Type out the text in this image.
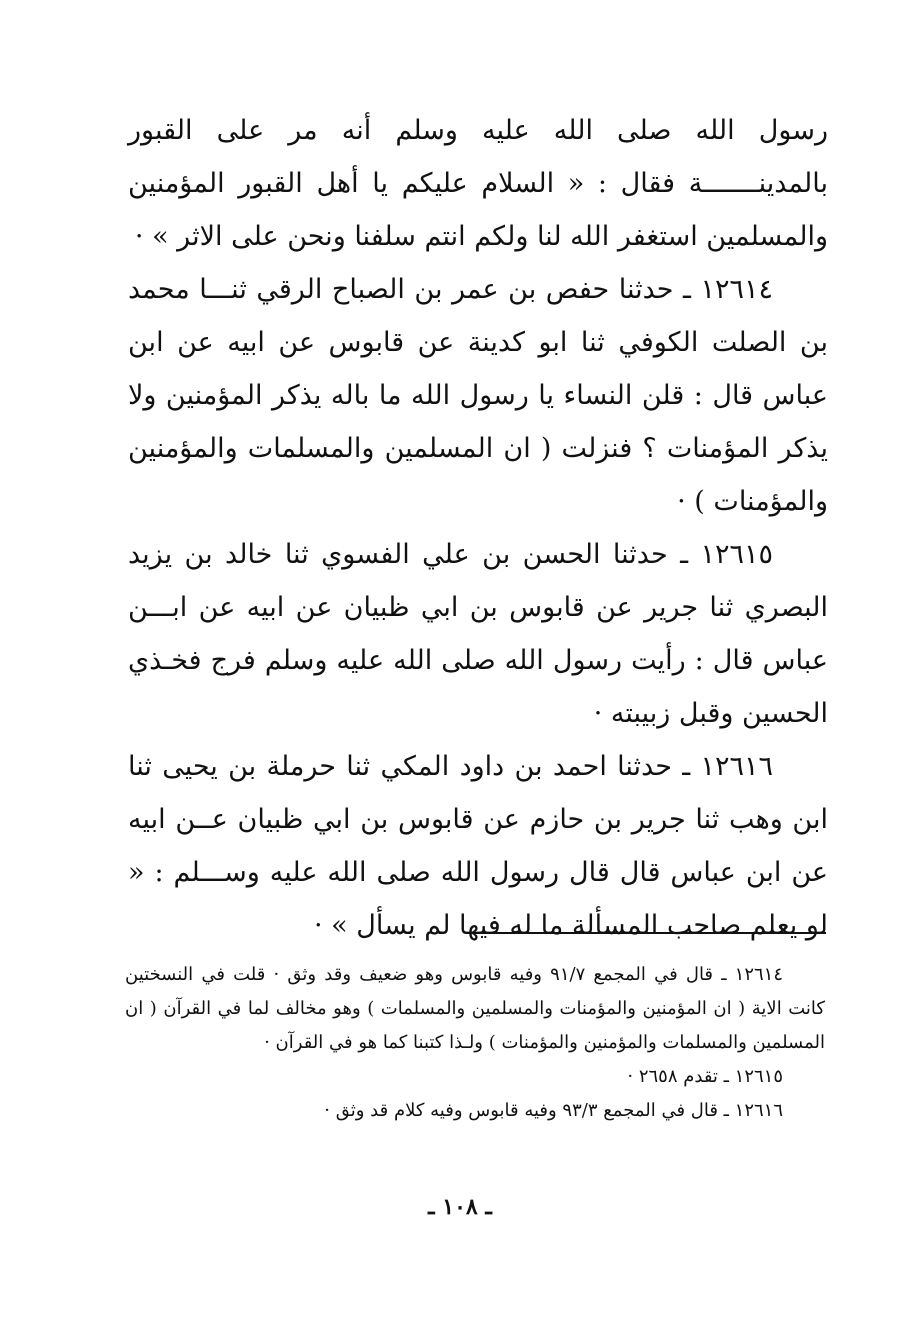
رسول الله صلى الله عليه وسلم أنه مر على القبور بالمدينـــــــة فقال : « السلام عليكم يا أهل القبور المؤمنين والمسلمين استغفر الله لنا ولكم انتم سلفنا ونحن على الاثر » ·

١٢٦١٤ ـ حدثنا حفص بن عمر بن الصباح الرقي ثنـــا محمد بن الصلت الكوفي ثنا ابو كدينة عن قابوس عن ابيه عن ابن عباس قال : قلن النساء يا رسول الله ما باله يذكر المؤمنين ولا يذكر المؤمنات ؟ فنزلت ( ان المسلمين والمسلمات والمؤمنين والمؤمنات ) ·

١٢٦١٥ ـ حدثنا الحسن بن علي الفسوي ثنا خالد بن يزيد البصري ثنا جرير عن قابوس بن ابي ظبيان عن ابيه عن ابـــن عباس قال : رأيت رسول الله صلى الله عليه وسلم فرج فخـذي الحسين وقبل زبيبته ·

١٢٦١٦ ـ حدثنا احمد بن داود المكي ثنا حرملة بن يحيى ثنا ابن وهب ثنا جرير بن حازم عن قابوس بن ابي ظبيان عــن ابيه عن ابن عباس قال قال رسول الله صلى الله عليه وســـلم : « لو يعلم صاحب المسألة ما له فيها لم يسأل » ·

١٢٦١٤ ـ قال في المجمع ٩١/٧ وفيه قابوس وهو ضعيف وقد وثق · قلت في النسختين كانت الاية ( ان المؤمنين والمؤمنات والمسلمين والمسلمات ) وهو مخالف لما في القرآن ( ان المسلمين والمسلمات والمؤمنين والمؤمنات ) ولـذا كتبنا كما هو في القرآن ·

١٢٦١٥ ـ تقدم ٢٦٥٨ ·

١٢٦١٦ ـ قال في المجمع ٩٣/٣ وفيه قابوس وفيه كلام قد وثق ·

ـ ١٠٨ ـ
